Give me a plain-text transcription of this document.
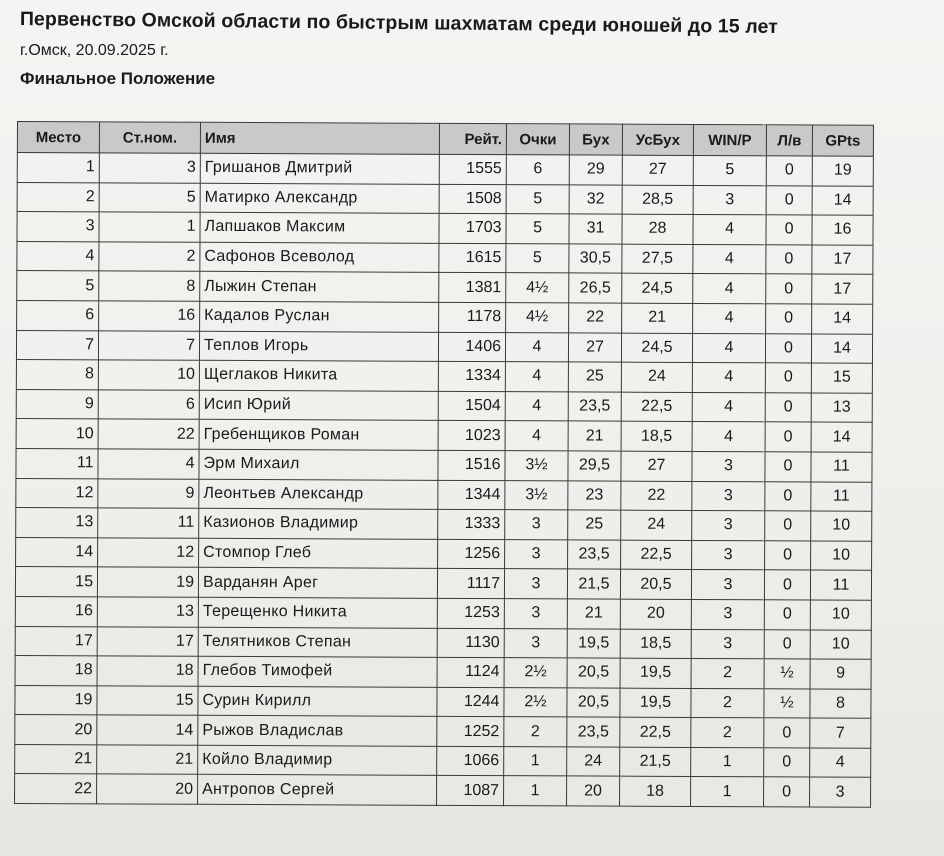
Первенство Омской области по быстрым шахматам среди юношей до 15 лет
г.Омск, 20.09.2025 г.
Финальное Положение
Место	Ст.ном.	Имя	Рейт.	Очки	Бух	УсБух	WIN/P	Л/в	GPts
1	3	Гришанов Дмитрий	1555	6	29	27	5	0	19
2	5	Матирко Александр	1508	5	32	28,5	3	0	14
3	1	Лапшаков Максим	1703	5	31	28	4	0	16
4	2	Сафонов Всеволод	1615	5	30,5	27,5	4	0	17
5	8	Лыжин Степан	1381	4½	26,5	24,5	4	0	17
6	16	Кадалов Руслан	1178	4½	22	21	4	0	14
7	7	Теплов Игорь	1406	4	27	24,5	4	0	14
8	10	Щеглаков Никита	1334	4	25	24	4	0	15
9	6	Исип Юрий	1504	4	23,5	22,5	4	0	13
10	22	Гребенщиков Роман	1023	4	21	18,5	4	0	14
11	4	Эрм Михаил	1516	3½	29,5	27	3	0	11
12	9	Леонтьев Александр	1344	3½	23	22	3	0	11
13	11	Казионов Владимир	1333	3	25	24	3	0	10
14	12	Стомпор Глеб	1256	3	23,5	22,5	3	0	10
15	19	Варданян Арег	1117	3	21,5	20,5	3	0	11
16	13	Терещенко Никита	1253	3	21	20	3	0	10
17	17	Телятников Степан	1130	3	19,5	18,5	3	0	10
18	18	Глебов Тимофей	1124	2½	20,5	19,5	2	½	9
19	15	Сурин Кирилл	1244	2½	20,5	19,5	2	½	8
20	14	Рыжов Владислав	1252	2	23,5	22,5	2	0	7
21	21	Койло Владимир	1066	1	24	21,5	1	0	4
22	20	Антропов Сергей	1087	1	20	18	1	0	3
